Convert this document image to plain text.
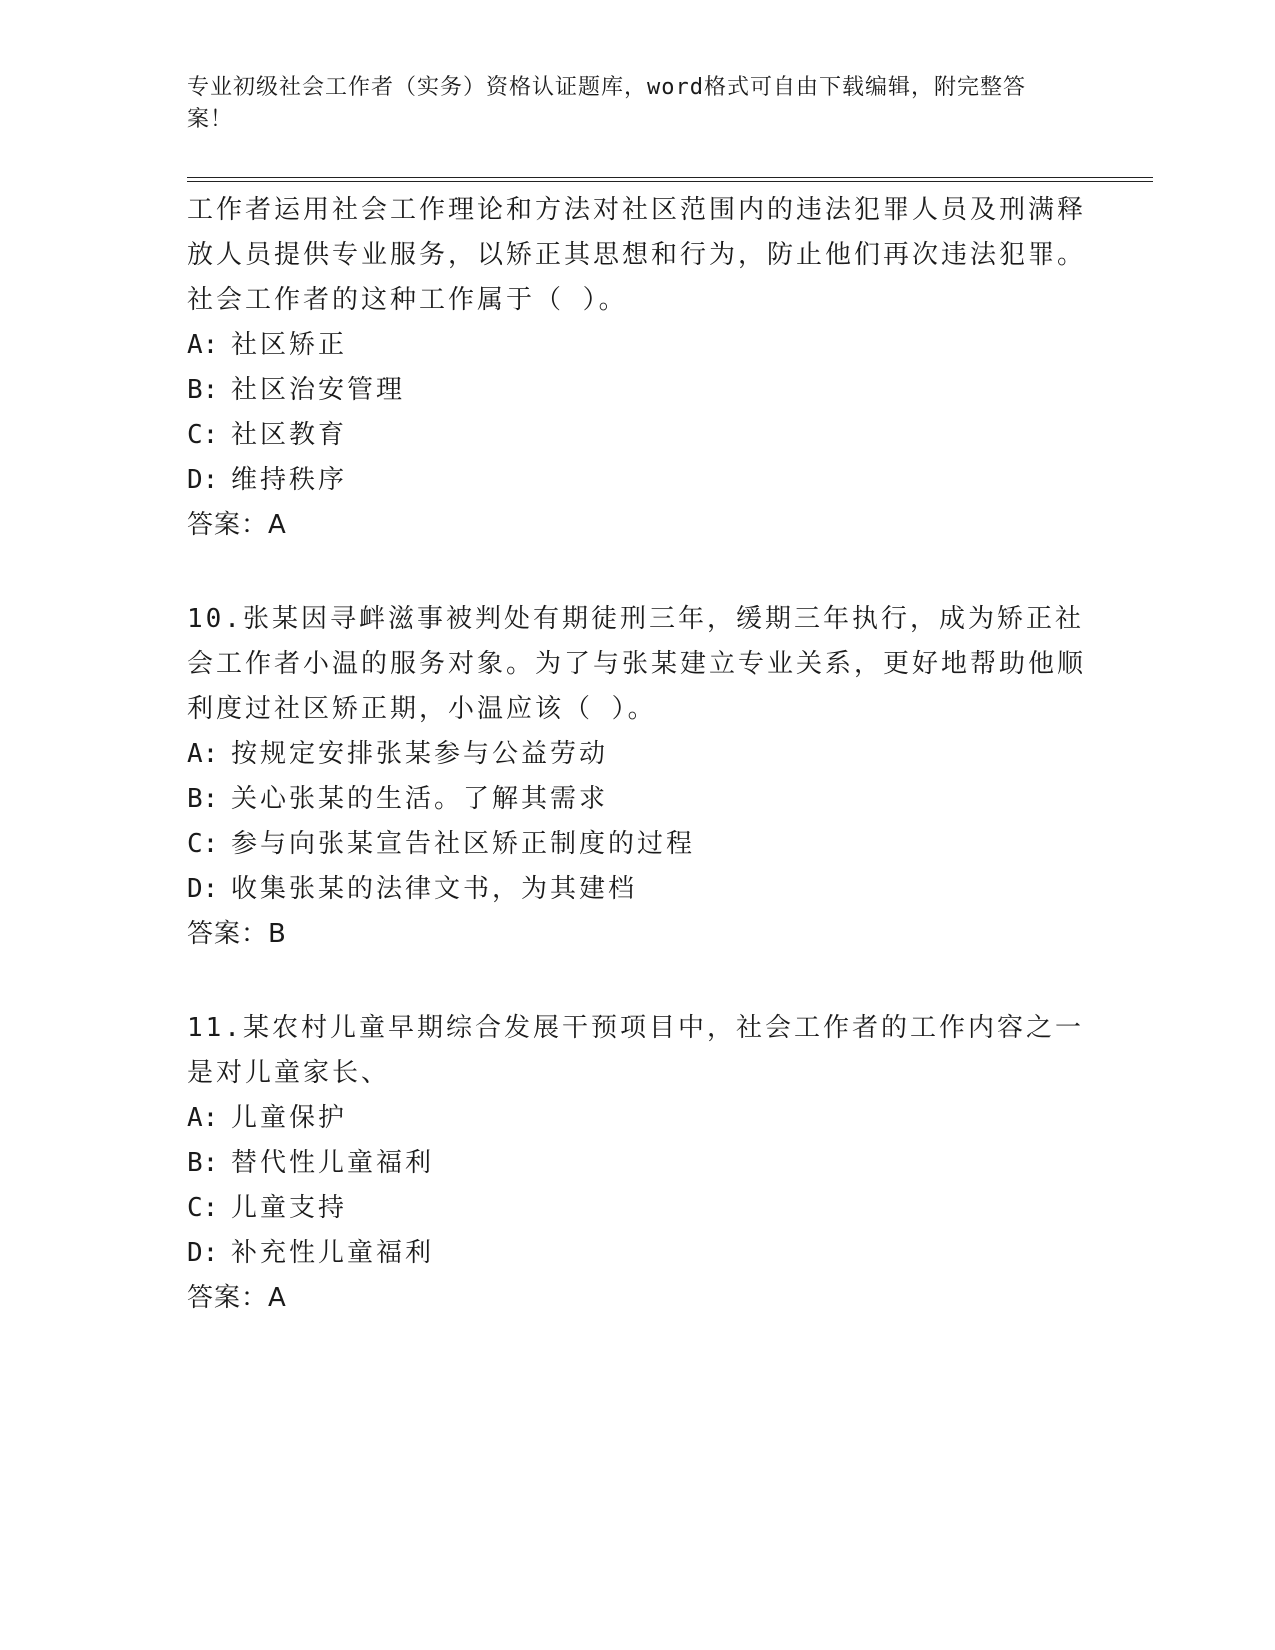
专业初级社会工作者（实务）资格认证题库，word格式可自由下载编辑，附完整答案！

工作者运用社会工作理论和方法对社区范围内的违法犯罪人员及刑满释放人员提供专业服务，以矫正其思想和行为，防止他们再次违法犯罪。社会工作者的这种工作属于（ ）。

A: 社区矫正

B: 社区治安管理

C: 社区教育

D: 维持秩序

答案：A

10.张某因寻衅滋事被判处有期徒刑三年，缓期三年执行，成为矫正社会工作者小温的服务对象。为了与张某建立专业关系，更好地帮助他顺利度过社区矫正期，小温应该（ ）。

A: 按规定安排张某参与公益劳动

B: 关心张某的生活。了解其需求

C: 参与向张某宣告社区矫正制度的过程

D: 收集张某的法律文书，为其建档

答案：B

11.某农村儿童早期综合发展干预项目中，社会工作者的工作内容之一是对儿童家长、

A: 儿童保护

B: 替代性儿童福利

C: 儿童支持

D: 补充性儿童福利

答案：A
